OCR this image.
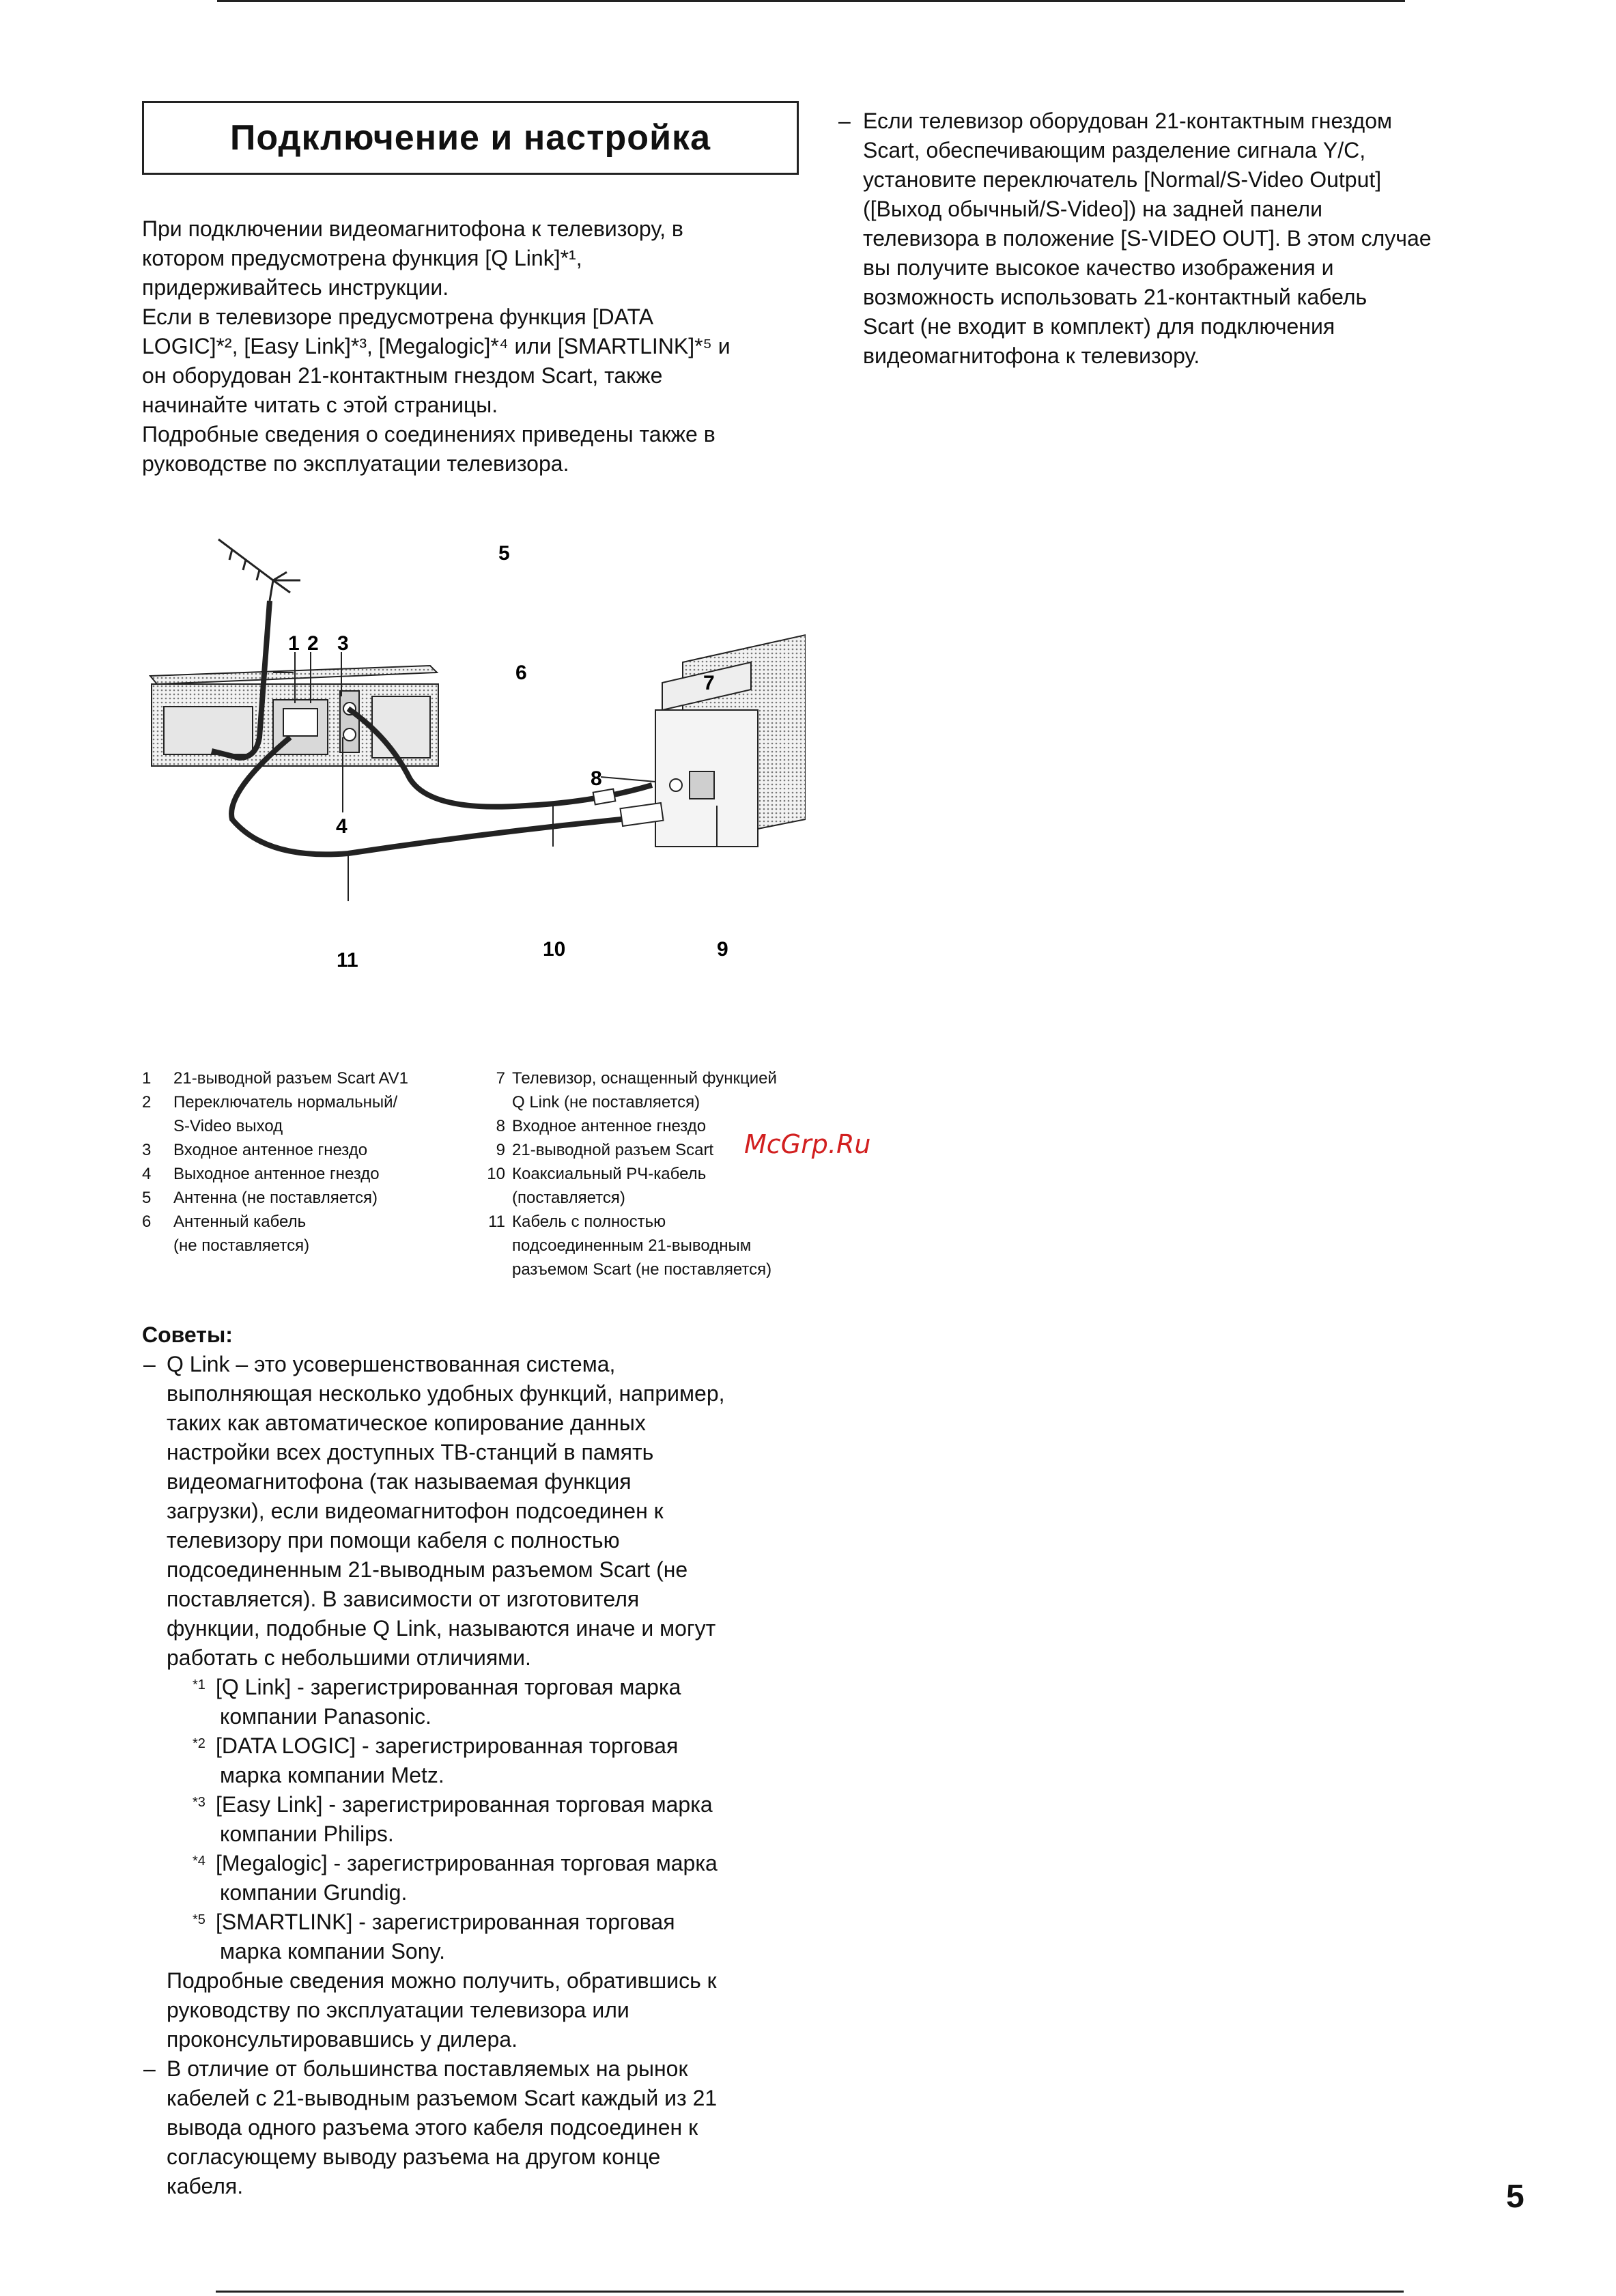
Подключение и настройка

При подключении видеомагнитофона к телевизору, в

котором предусмотрена функция [Q Link]*¹,

придерживайтесь инструкции.

Если в телевизоре предусмотрена функция [DATA

LOGIC]*², [Easy Link]*³, [Megalogic]*⁴ или [SMARTLINK]*⁵ и

он оборудован 21-контактным гнездом Scart, также

начинайте читать с этой страницы.

Подробные сведения о соединениях приведены также в

руководстве по эксплуатации телевизора.

– Если телевизор оборудован 21-контактным гнездом

Scart, обеспечивающим разделение сигнала Y/C,

установите переключатель [Normal/S-Video Output]

([Выход обычный/S-Video]) на задней панели

телевизора в положение [S-VIDEO OUT]. В этом случае

вы получите высокое качество изображения и

возможность использовать 21-контактный кабель

Scart (не входит в комплект) для подключения

видеомагнитофона к телевизору.

1 2 3
4
5
6	7
8
9
10
11
1	21-выводной разъем Scart AV1
2	Переключатель нормальный/
S-Video выход
3	Входное антенное гнездо
4	Выходное антенное гнездо
5	Антенна (не поставляется)
6	Антенный кабель
(не поставляется)
7 Телевизор, оснащенный функцией
Q Link (не поставляется)
8 Входное антенное гнездо
9 21-выводной разъем Scart
10 Коаксиальный РЧ-кабель
(поставляется)
11 Кабель с полностью
подсоединенным 21-выводным
разъемом Scart (не поставляется)
McGrp.Ru

Советы:

– Q Link – это усовершенствованная система,

выполняющая несколько удобных функций, например,

таких как автоматическое копирование данных

настройки всех доступных ТВ-станций в память

видеомагнитофона (так называемая функция

загрузки), если видеомагнитофон подсоединен к

телевизору при помощи кабеля с полностью

подсоединенным 21-выводным разъемом Scart (не

поставляется). В зависимости от изготовителя

функции, подобные Q Link, называются иначе и могут

работать с небольшими отличиями.

*1 [Q Link] - зарегистрированная торговая марка

компании Panasonic.

*2 [DATA LOGIC] - зарегистрированная торговая

марка компании Metz.

*3 [Easy Link] - зарегистрированная торговая марка

компании Philips.

*4 [Megalogic] - зарегистрированная торговая марка

компании Grundig.

*5 [SMARTLINK] - зарегистрированная торговая

марка компании Sony.

Подробные сведения можно получить, обратившись к

руководству по эксплуатации телевизора или

проконсультировавшись у дилера.

– В отличие от большинства поставляемых на рынок

кабелей с 21-выводным разъемом Scart каждый из 21

вывода одного разъема этого кабеля подсоединен к

согласующему выводу разъема на другом конце

кабеля.	5
